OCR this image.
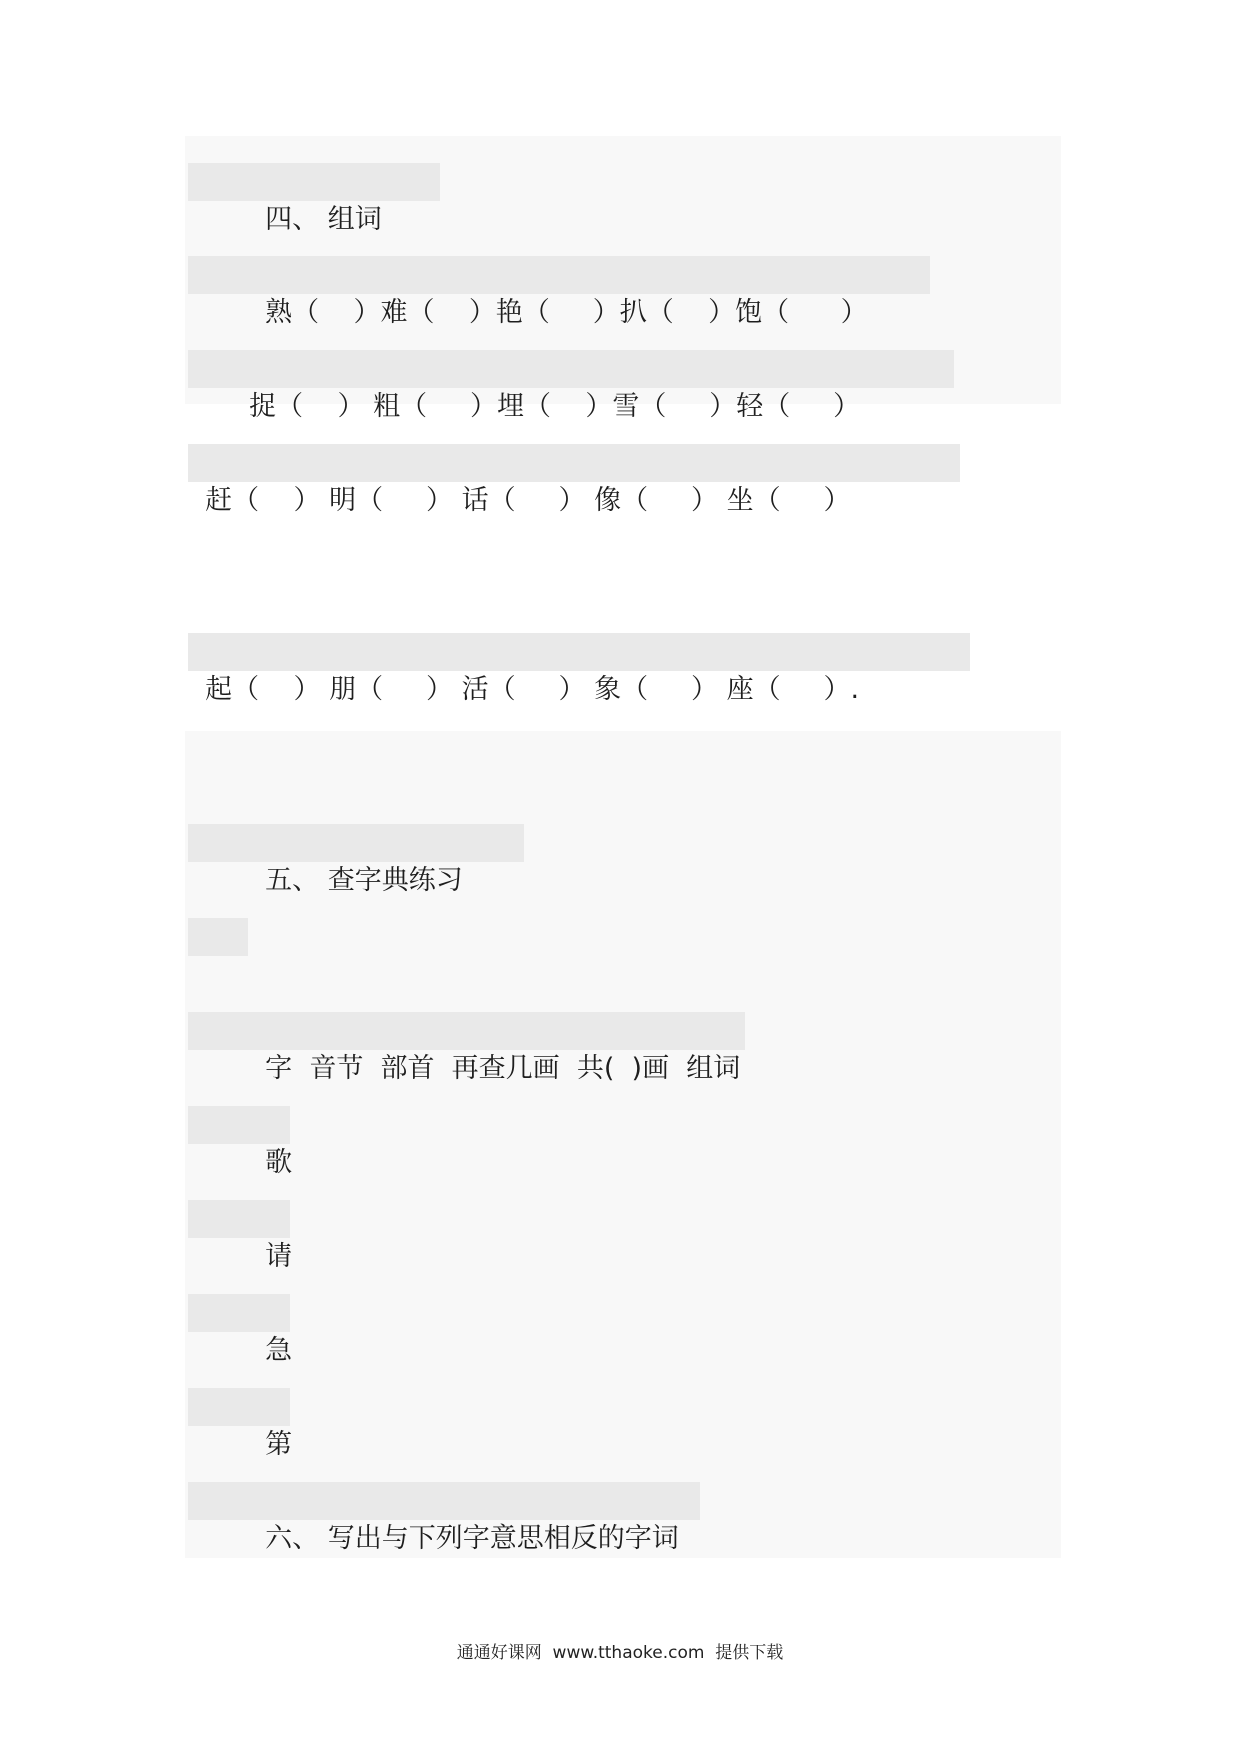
四、 组词

熟（    ）难（    ）艳（     ）扒（    ）饱（      ）

捉（    ） 粗（     ）埋（    ）雪（     ）轻（     ）

赶（    ） 明（     ） 话（     ） 像（     ） 坐（     ）

起（    ） 朋（     ） 活（     ） 象（     ） 座（     ）.

五、 查字典练习

字  音节  部首  再查几画  共(  )画  组词

歌

请

急

第

六、 写出与下列字意思相反的字词

通通好课网  www.tthaoke.com  提供下载
